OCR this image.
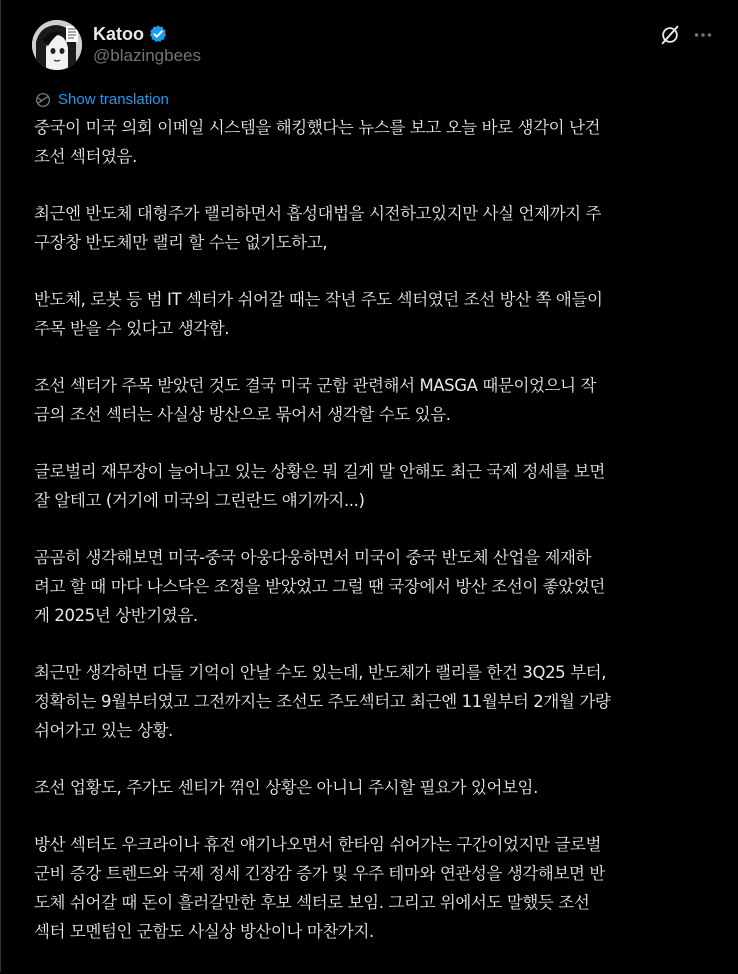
Katoo
@blazingbees
Show translation

중국이 미국 의회 이메일 시스템을 해킹했다는 뉴스를 보고 오늘 바로 생각이 난건
조선 섹터였음.

최근엔 반도체 대형주가 랠리하면서 흡성대법을 시전하고있지만 사실 언제까지 주
구장창 반도체만 랠리 할 수는 없기도하고,

반도체, 로봇 등 범 IT 섹터가 쉬어갈 때는 작년 주도 섹터였던 조선 방산 쪽 애들이
주목 받을 수 있다고 생각함.

조선 섹터가 주목 받았던 것도 결국 미국 군함 관련해서 MASGA 때문이었으니 작
금의 조선 섹터는 사실상 방산으로 묶어서 생각할 수도 있음.

글로벌리 재무장이 늘어나고 있는 상황은 뭐 길게 말 안해도 최근 국제 정세를 보면
잘 알테고 (거기에 미국의 그린란드 얘기까지...)

곰곰히 생각해보면 미국-중국 아웅다웅하면서 미국이 중국 반도체 산업을 제재하
려고 할 때 마다 나스닥은 조정을 받았었고 그럴 땐 국장에서 방산 조선이 좋았었던
게 2025년 상반기였음.

최근만 생각하면 다들 기억이 안날 수도 있는데, 반도체가 랠리를 한건 3Q25 부터,
정확히는 9월부터였고 그전까지는 조선도 주도섹터고 최근엔 11월부터 2개월 가량
쉬어가고 있는 상황.

조선 업황도, 주가도 센티가 꺾인 상황은 아니니 주시할 필요가 있어보임.

방산 섹터도 우크라이나 휴전 얘기나오면서 한타임 쉬어가는 구간이었지만 글로벌
군비 증강 트렌드와 국제 정세 긴장감 증가 및 우주 테마와 연관성을 생각해보면 반
도체 쉬어갈 때 돈이 흘러갈만한 후보 섹터로 보임. 그리고 위에서도 말했듯 조선
섹터 모멘텀인 군함도 사실상 방산이나 마찬가지.
